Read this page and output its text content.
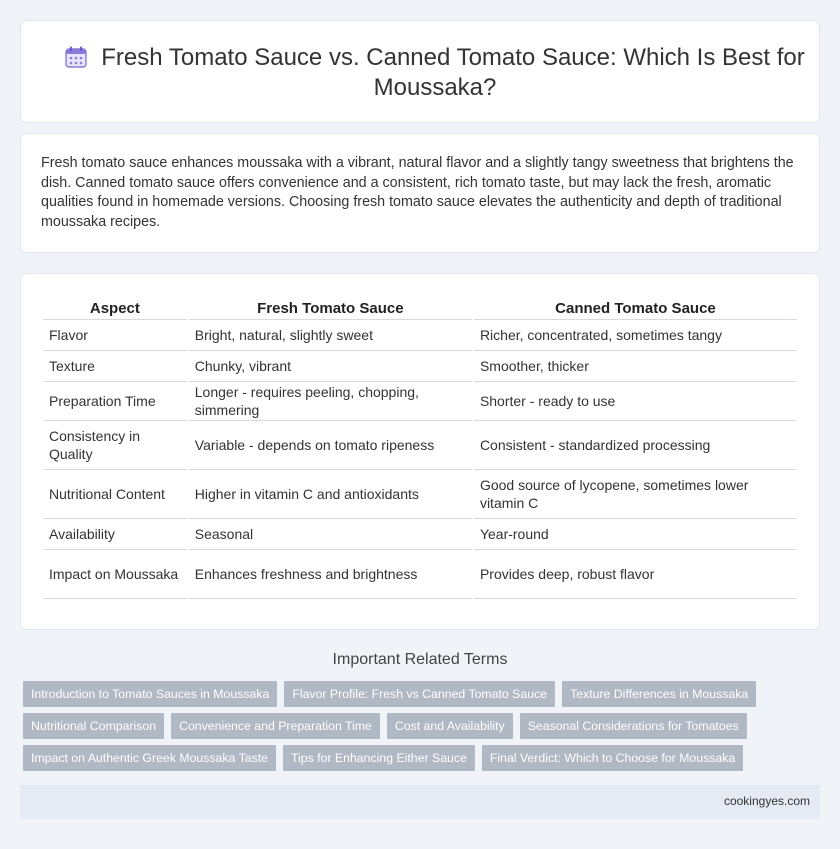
Fresh Tomato Sauce vs. Canned Tomato Sauce: Which Is Best for Moussaka?

Fresh tomato sauce enhances moussaka with a vibrant, natural flavor and a slightly tangy sweetness that brightens the dish. Canned tomato sauce offers convenience and a consistent, rich tomato taste, but may lack the fresh, aromatic qualities found in homemade versions. Choosing fresh tomato sauce elevates the authenticity and depth of traditional moussaka recipes.

Aspect	Fresh Tomato Sauce	Canned Tomato Sauce
Flavor	Bright, natural, slightly sweet	Richer, concentrated, sometimes tangy
Texture	Chunky, vibrant	Smoother, thicker
Preparation Time	Longer - requires peeling, chopping, simmering	Shorter - ready to use
Consistency in Quality	Variable - depends on tomato ripeness	Consistent - standardized processing
Nutritional Content	Higher in vitamin C and antioxidants	Good source of lycopene, sometimes lower vitamin C
Availability	Seasonal	Year-round
Impact on Moussaka	Enhances freshness and brightness	Provides deep, robust flavor
Important Related Terms
Introduction to Tomato Sauces in Moussaka Flavor Profile: Fresh vs Canned Tomato Sauce Texture Differences in Moussaka
Nutritional Comparison Convenience and Preparation Time Cost and Availability Seasonal Considerations for Tomatoes
Impact on Authentic Greek Moussaka Taste Tips for Enhancing Either Sauce Final Verdict: Which to Choose for Moussaka
cookingyes.com
